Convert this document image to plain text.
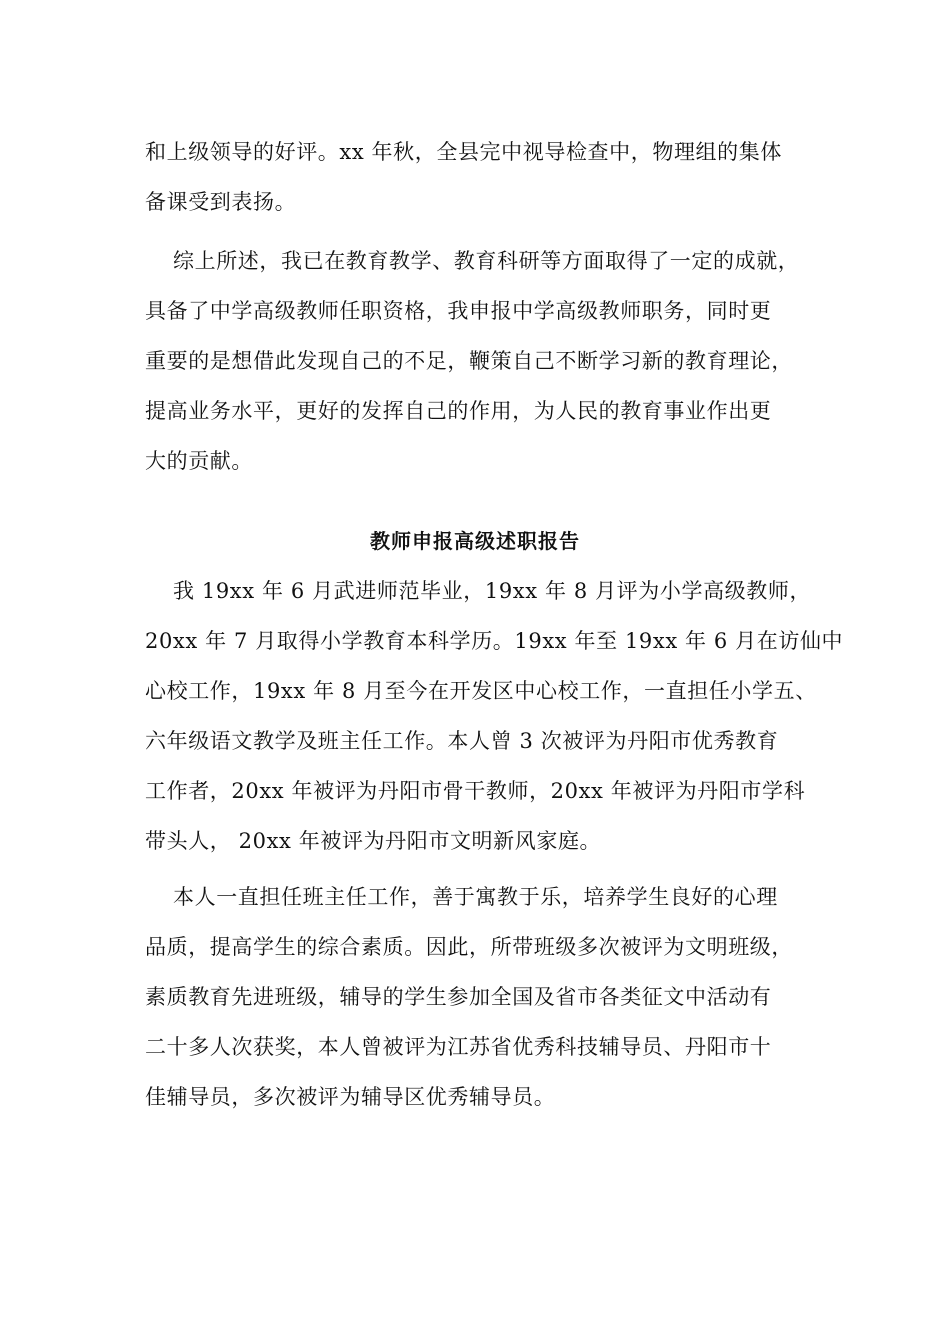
和上级领导的好评。xx 年秋，全县完中视导检查中，物理组的集体
备课受到表扬。
综上所述，我已在教育教学、教育科研等方面取得了一定的成就，
具备了中学高级教师任职资格，我申报中学高级教师职务，同时更
重要的是想借此发现自己的不足，鞭策自己不断学习新的教育理论，
提高业务水平，更好的发挥自己的作用，为人民的教育事业作出更
大的贡献。
教师申报高级述职报告
我 19xx 年 6 月武进师范毕业，19xx 年 8 月评为小学高级教师，
20xx 年 7 月取得小学教育本科学历。19xx 年至 19xx 年 6 月在访仙中
心校工作，19xx 年 8 月至今在开发区中心校工作，一直担任小学五、
六年级语文教学及班主任工作。本人曾 3 次被评为丹阳市优秀教育
工作者，20xx 年被评为丹阳市骨干教师，20xx 年被评为丹阳市学科
带头人， 20xx 年被评为丹阳市文明新风家庭。
本人一直担任班主任工作，善于寓教于乐，培养学生良好的心理
品质，提高学生的综合素质。因此，所带班级多次被评为文明班级，
素质教育先进班级，辅导的学生参加全国及省市各类征文中活动有
二十多人次获奖，本人曾被评为江苏省优秀科技辅导员、丹阳市十
佳辅导员，多次被评为辅导区优秀辅导员。
